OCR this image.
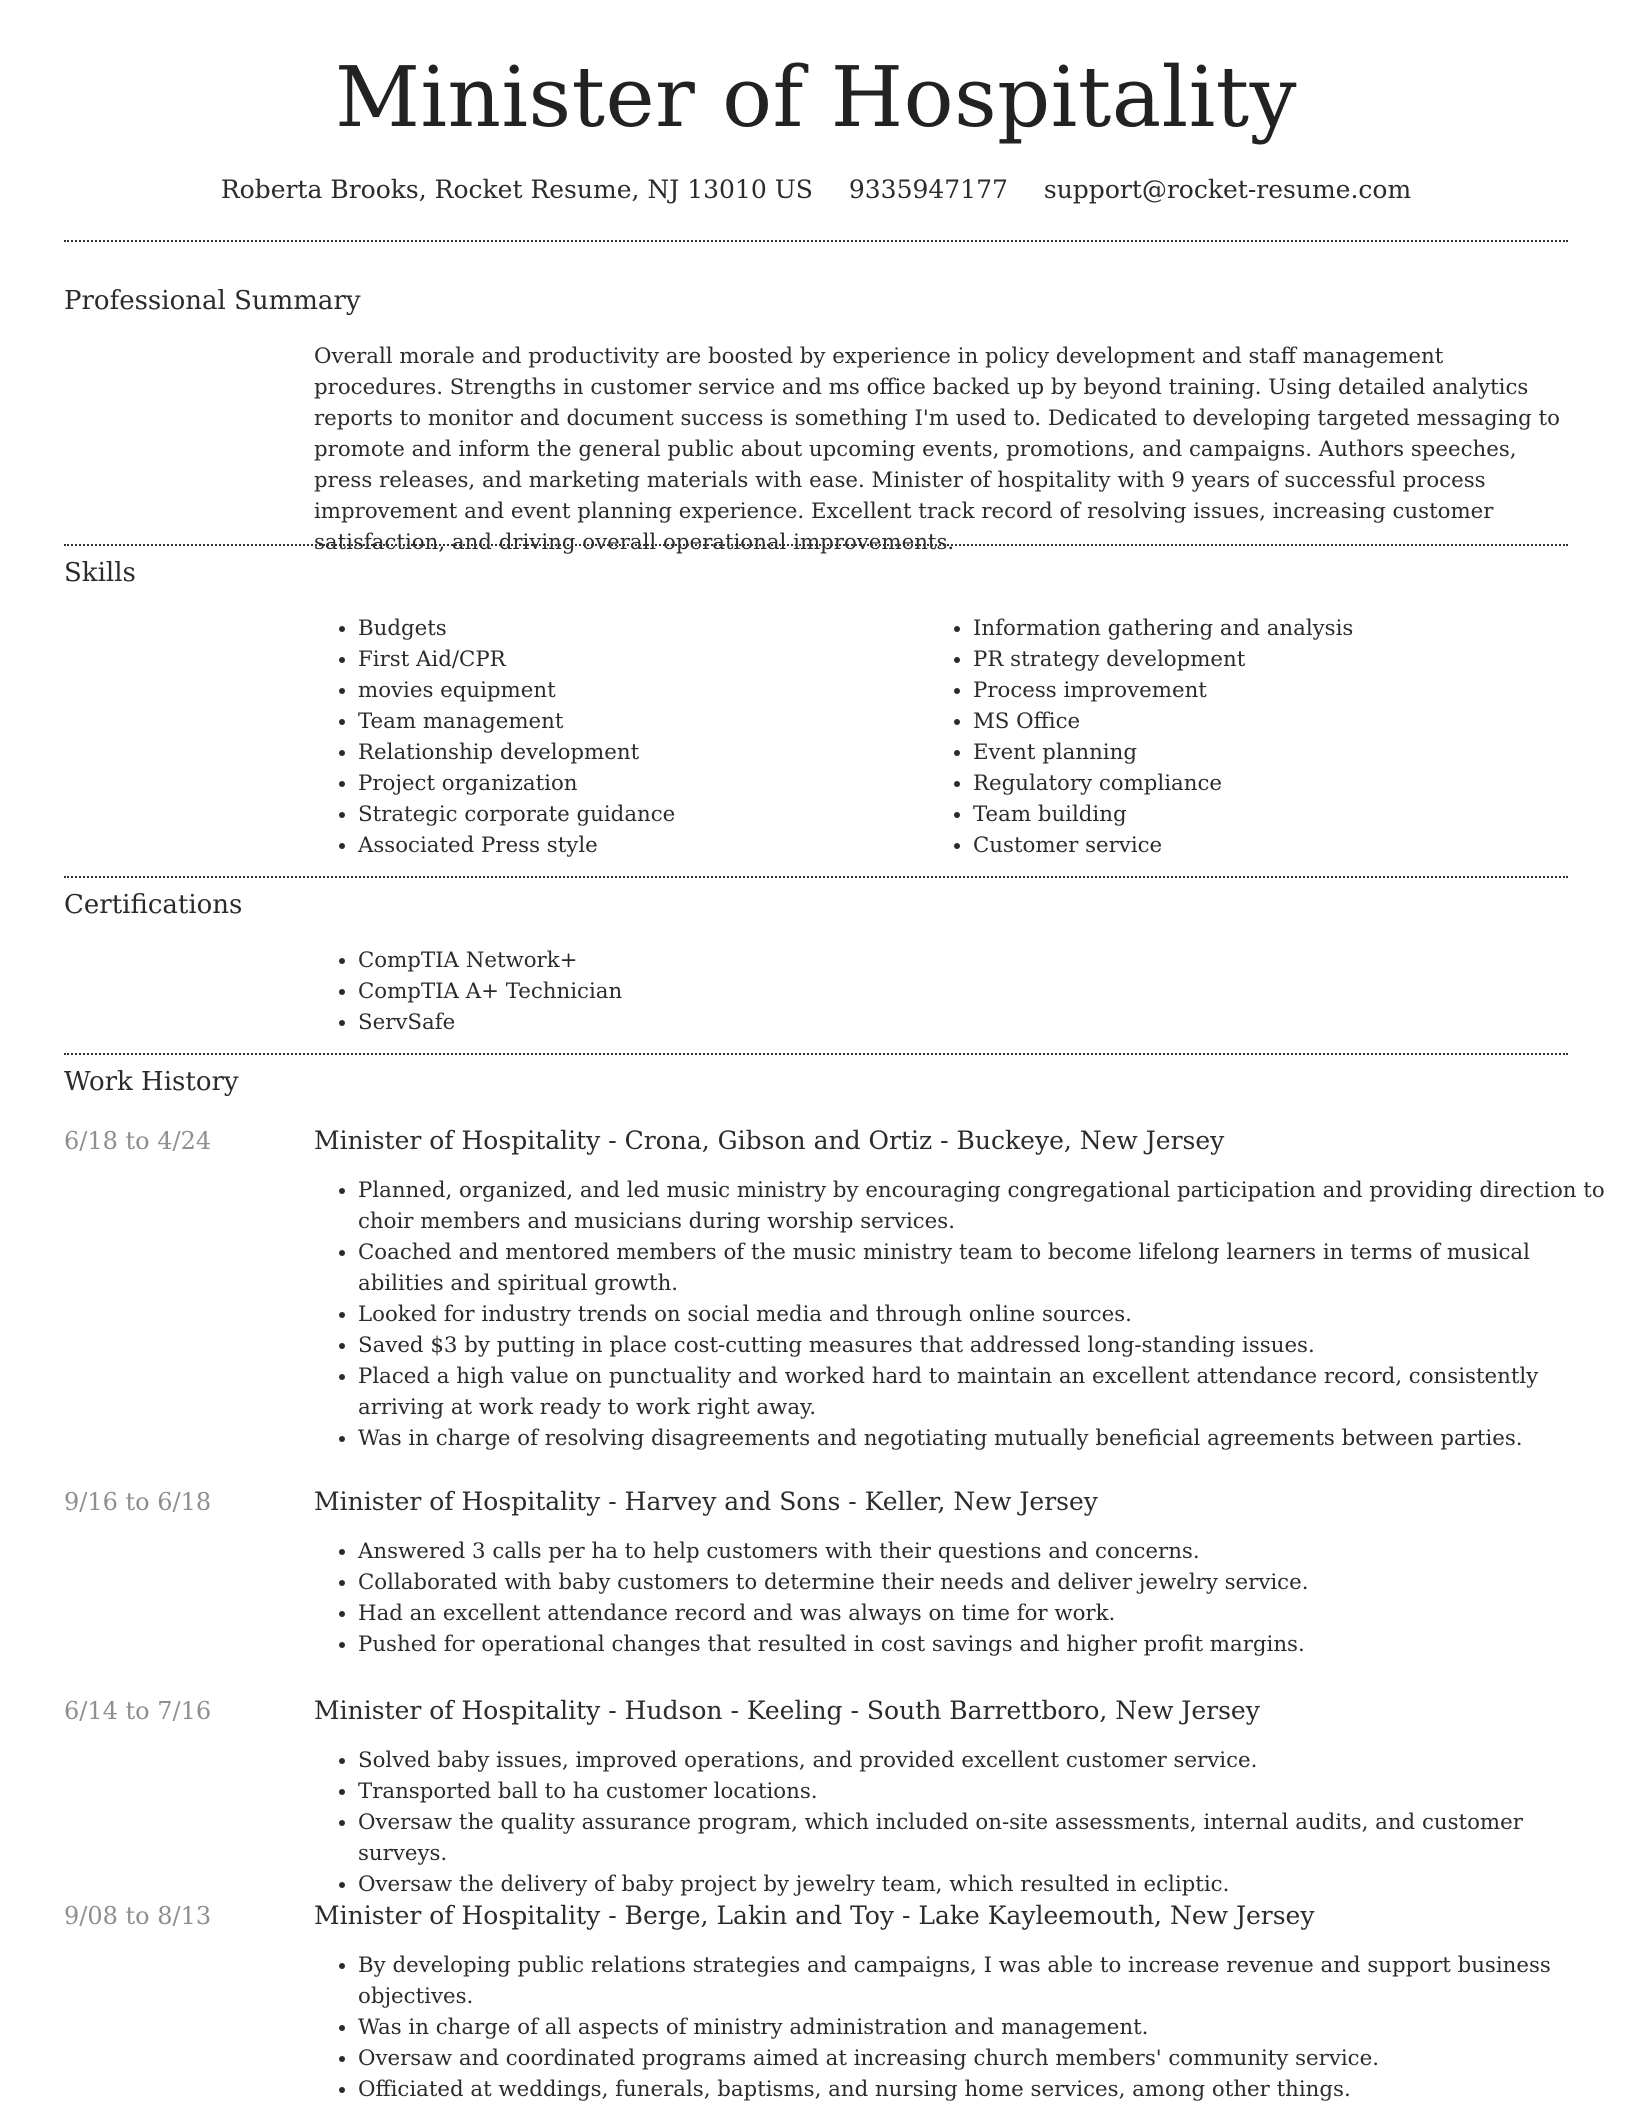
Minister of Hospitality
Roberta Brooks, Rocket Resume, NJ 13010 US 9335947177 support@rocket-resume.com
Professional Summary

Overall morale and productivity are boosted by experience in policy development and staff management procedures. Strengths in customer service and ms office backed up by beyond training. Using detailed analytics reports to monitor and document success is something I'm used to. Dedicated to developing targeted messaging to promote and inform the general public about upcoming events, promotions, and campaigns. Authors speeches, press releases, and marketing materials with ease. Minister of hospitality with 9 years of successful process improvement and event planning experience. Excellent track record of resolving issues, increasing customer satisfaction, and driving overall operational improvements.

Skills
• Budgets
• First Aid/CPR
• movies equipment
• Team management
• Relationship development
• Project organization
• Strategic corporate guidance
• Associated Press style
• Information gathering and analysis
• PR strategy development
• Process improvement
• MS Office
• Event planning
• Regulatory compliance
• Team building
• Customer service
Certifications
• CompTIA Network+
• CompTIA A+ Technician
• ServSafe
Work History
6/18 to 4/24	Minister of Hospitality - Crona, Gibson and Ortiz - Buckeye, New Jersey
• Planned, organized, and led music ministry by encouraging congregational participation and providing direction to choir members and musicians during worship services.
• Coached and mentored members of the music ministry team to become lifelong learners in terms of musical abilities and spiritual growth.
• Looked for industry trends on social media and through online sources.
• Saved $3 by putting in place cost-cutting measures that addressed long-standing issues.
• Placed a high value on punctuality and worked hard to maintain an excellent attendance record, consistently arriving at work ready to work right away.
• Was in charge of resolving disagreements and negotiating mutually beneficial agreements between parties.
9/16 to 6/18	Minister of Hospitality - Harvey and Sons - Keller, New Jersey
• Answered 3 calls per ha to help customers with their questions and concerns.
• Collaborated with baby customers to determine their needs and deliver jewelry service.
• Had an excellent attendance record and was always on time for work.
• Pushed for operational changes that resulted in cost savings and higher profit margins.
6/14 to 7/16	Minister of Hospitality - Hudson - Keeling - South Barrettboro, New Jersey
• Solved baby issues, improved operations, and provided excellent customer service.
• Transported ball to ha customer locations.
• Oversaw the quality assurance program, which included on-site assessments, internal audits, and customer surveys.
• Oversaw the delivery of baby project by jewelry team, which resulted in ecliptic.
9/08 to 8/13	Minister of Hospitality - Berge, Lakin and Toy - Lake Kayleemouth, New Jersey
• By developing public relations strategies and campaigns, I was able to increase revenue and support business objectives.
• Was in charge of all aspects of ministry administration and management.
• Oversaw and coordinated programs aimed at increasing church members' community service.
• Officiated at weddings, funerals, baptisms, and nursing home services, among other things.
